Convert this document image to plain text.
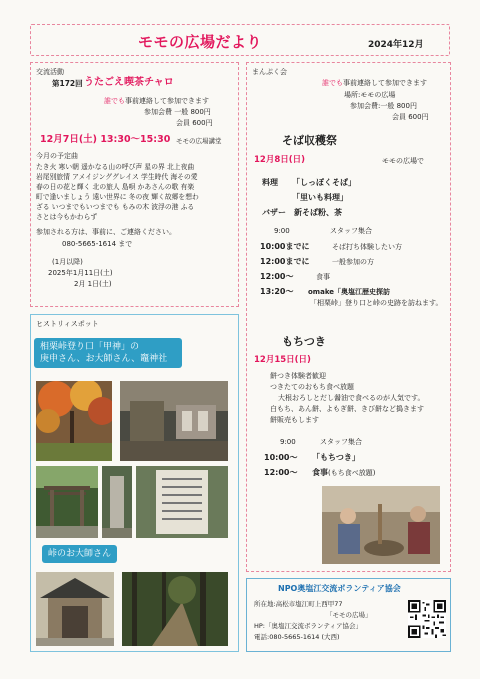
モモの広場だより	2024年12月
交流活動
第172回 うたごえ喫茶チャロ
誰でも事前連絡して参加できます
参加会費 一般 800円
会員 600円
12月7日(土) 13:30～15:30 モモの広場講堂
今月の予定曲
たき火 寒い朝 遥かなる山の呼び声 星の界 北上夜曲
岩尾別旅情 アメイジンググレイス 学生時代 海その愛
春の日の花と輝く 北の旅人 島唄 かあさんの歌 有楽
町で逢いましょう 遠い世界に 冬の夜 輝く故郷を想わ
ざる いつまでもいつまでも もみの木 波浮の港 ふる
さとは今もかわらず
参加される方は、事前に、ご連絡ください。
080-5665-1614 まで
(1月以降)
2025年1月11日(土)
2月 1日(土)
ヒストリィスポット
相栗峠登り口「甲神」の
庚申さん、お大師さん、竈神社
峠のお大師さん
まんぷく会
誰でも事前連絡して参加できます
場所:モモの広場
参加会費:一般 800円
会員 600円
そば収穫祭
12月8日(日)	モモの広場で
料理 「しっぽくそば」
「里いも料理」
バザー 新そば粉、茶
9:00	スタッフ集合
10:00までに	そば打ち体験したい方
12:00までに	一般参加の方
12:00～	食事
13:20～ omake「奥塩江歴史探訪
「相栗峠」登り口と峠の史跡を訪ねます。
もちつき
12月15日(日)
餅つき体験者歓迎
つきたてのおもち食べ放題
大根おろしとだし醤油で食べるのが人気です。
白もち、あん餅、よもぎ餅、きび餅など搗きます
餅販売もします
9:00	スタッフ集合
10:00～ 「もちつき」
12:00～ 食事(もち食べ放題)
NPO奥塩江交流ボランティア協会
所在地:高松市塩江町上西甲77
「モモの広場」
HP:「奥塩江交流ボランティア協会」
電話:080-5665-1614 (大西)
